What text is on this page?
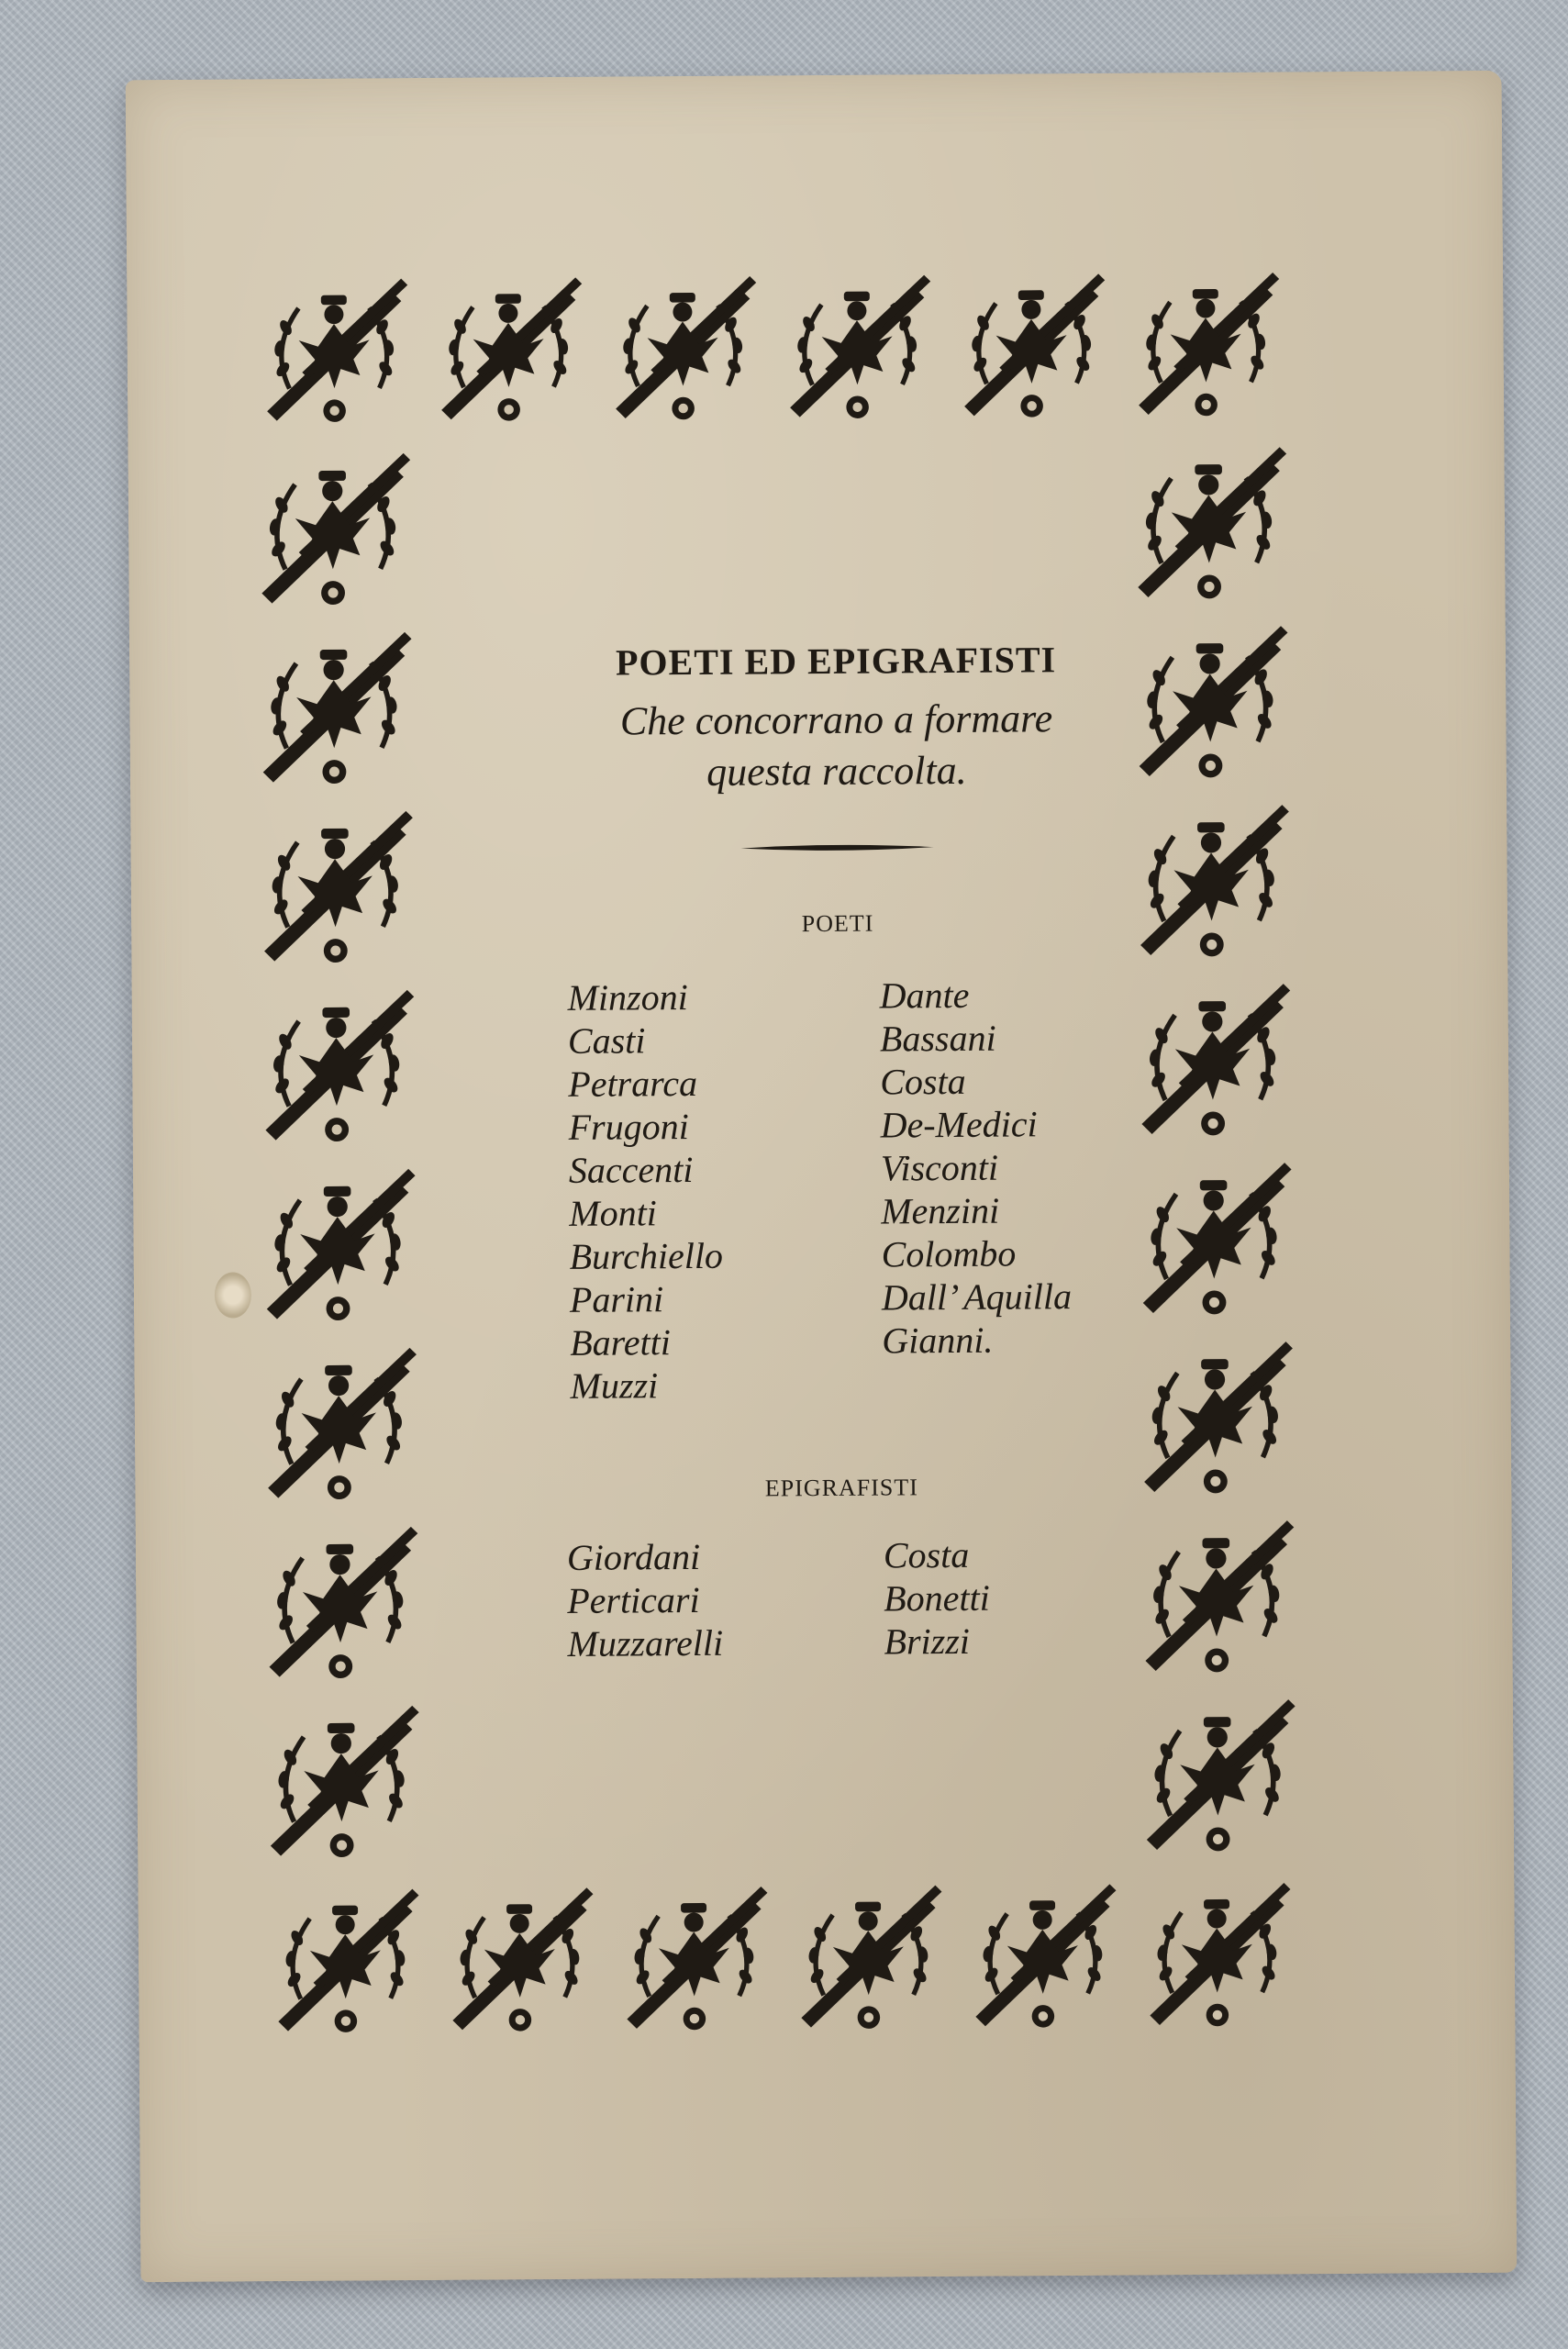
POETI ED EPIGRAFISTI
Che concorrano a formare
questa raccolta.
POETI
Minzoni
Casti
Petrarca
Frugoni
Saccenti
Monti
Burchiello
Parini
Baretti
Muzzi
Dante
Bassani
Costa
De-Medici
Visconti
Menzini
Colombo
Dall’ Aquilla
Gianni.
EPIGRAFISTI
Giordani
Perticari
Muzzarelli
Costa
Bonetti
Brizzi
